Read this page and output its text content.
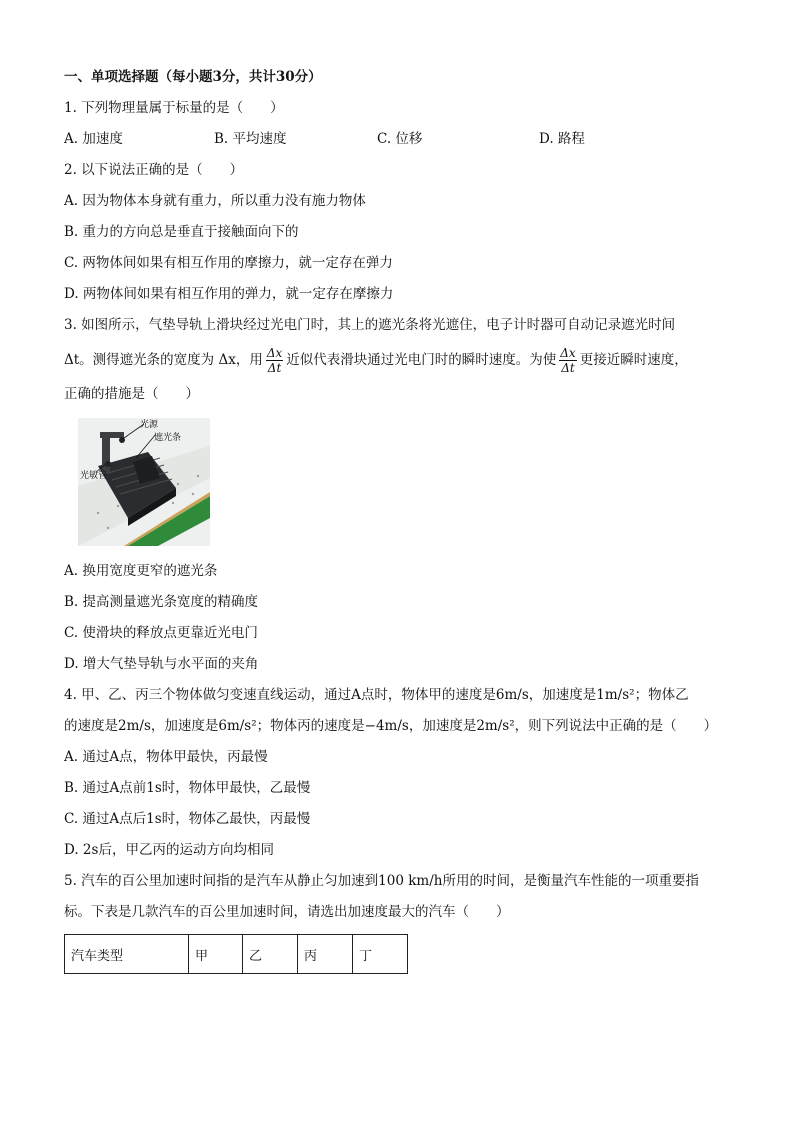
一、单项选择题（每小题3分，共计30分）
1. 下列物理量属于标量的是（　　）
A. 加速度	B. 平均速度	C. 位移	D. 路程
2. 以下说法正确的是（　　）
A. 因为物体本身就有重力，所以重力没有施力物体
B. 重力的方向总是垂直于接触面向下的
C. 两物体间如果有相互作用的摩擦力，就一定存在弹力
D. 两物体间如果有相互作用的弹力，就一定存在摩擦力
3. 如图所示，气垫导轨上滑块经过光电门时，其上的遮光条将光遮住，电子计时器可自动记录遮光时间
Δt。测得遮光条的宽度为 Δx，用 $\frac{\Delta x}{\Delta t}$ 近似代表滑块通过光电门时的瞬时速度。为使 $\frac{\Delta x}{\Delta t}$ 更接近瞬时速度，
正确的措施是（　　）
光源
遮光条
光敏管
A. 换用宽度更窄的遮光条
B. 提高测量遮光条宽度的精确度
C. 使滑块的释放点更靠近光电门
D. 增大气垫导轨与水平面的夹角
4. 甲、乙、丙三个物体做匀变速直线运动，通过A点时，物体甲的速度是6m/s，加速度是1m/s²；物体乙
的速度是2m/s，加速度是6m/s²；物体丙的速度是−4m/s，加速度是2m/s²，则下列说法中正确的是（　　）
A. 通过A点，物体甲最快，丙最慢
B. 通过A点前1s时，物体甲最快，乙最慢
C. 通过A点后1s时，物体乙最快，丙最慢
D. 2s后，甲乙丙的运动方向均相同
5. 汽车的百公里加速时间指的是汽车从静止匀加速到100 km/h所用的时间，是衡量汽车性能的一项重要指
标。下表是几款汽车的百公里加速时间，请选出加速度最大的汽车（　　）
汽车类型	甲	乙	丙	丁
